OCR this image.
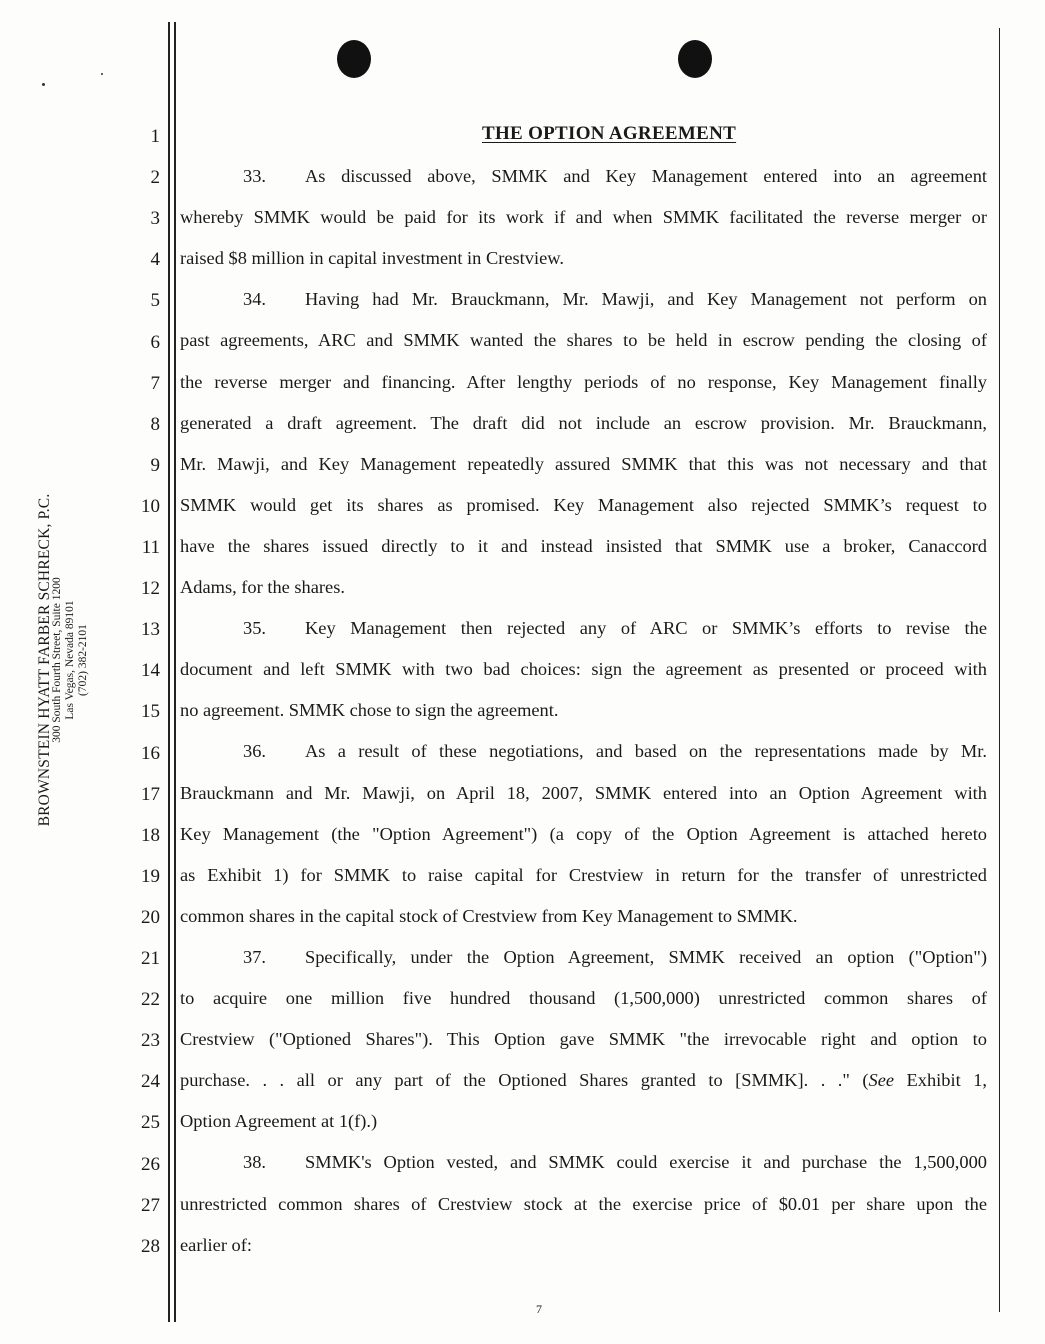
BROWNSTEIN HYATT FARBER SCHRECK, P.C.
300 South Fourth Street, Suite 1200 Las Vegas, Nevada 89101 (702) 382-2101
1
2
3
4
5
6
7
8
9
10
11
12
13
14
15
16
17
18
19
20
21
22
23
24
25
26
27
28
THE OPTION AGREEMENT
33. As discussed above, SMMK and Key Management entered into an agreement
whereby SMMK would be paid for its work if and when SMMK facilitated the reverse merger or
raised $8 million in capital investment in Crestview.
34. Having had Mr. Brauckmann, Mr. Mawji, and Key Management not perform on
past agreements, ARC and SMMK wanted the shares to be held in escrow pending the closing of
the reverse merger and financing. After lengthy periods of no response, Key Management finally
generated a draft agreement. The draft did not include an escrow provision. Mr. Brauckmann,
Mr. Mawji, and Key Management repeatedly assured SMMK that this was not necessary and that
SMMK would get its shares as promised. Key Management also rejected SMMK’s request to
have the shares issued directly to it and instead insisted that SMMK use a broker, Canaccord
Adams, for the shares.
35. Key Management then rejected any of ARC or SMMK’s efforts to revise the
document and left SMMK with two bad choices: sign the agreement as presented or proceed with
no agreement. SMMK chose to sign the agreement.
36. As a result of these negotiations, and based on the representations made by Mr.
Brauckmann and Mr. Mawji, on April 18, 2007, SMMK entered into an Option Agreement with
Key Management (the "Option Agreement") (a copy of the Option Agreement is attached hereto
as Exhibit 1) for SMMK to raise capital for Crestview in return for the transfer of unrestricted
common shares in the capital stock of Crestview from Key Management to SMMK.
37. Specifically, under the Option Agreement, SMMK received an option ("Option")
to acquire one million five hundred thousand (1,500,000) unrestricted common shares of
Crestview ("Optioned Shares"). This Option gave SMMK "the irrevocable right and option to
purchase. . . all or any part of the Optioned Shares granted to [SMMK]. . ." (See Exhibit 1,
Option Agreement at 1(f).)
38. SMMK's Option vested, and SMMK could exercise it and purchase the 1,500,000
unrestricted common shares of Crestview stock at the exercise price of $0.01 per share upon the
earlier of:
7
